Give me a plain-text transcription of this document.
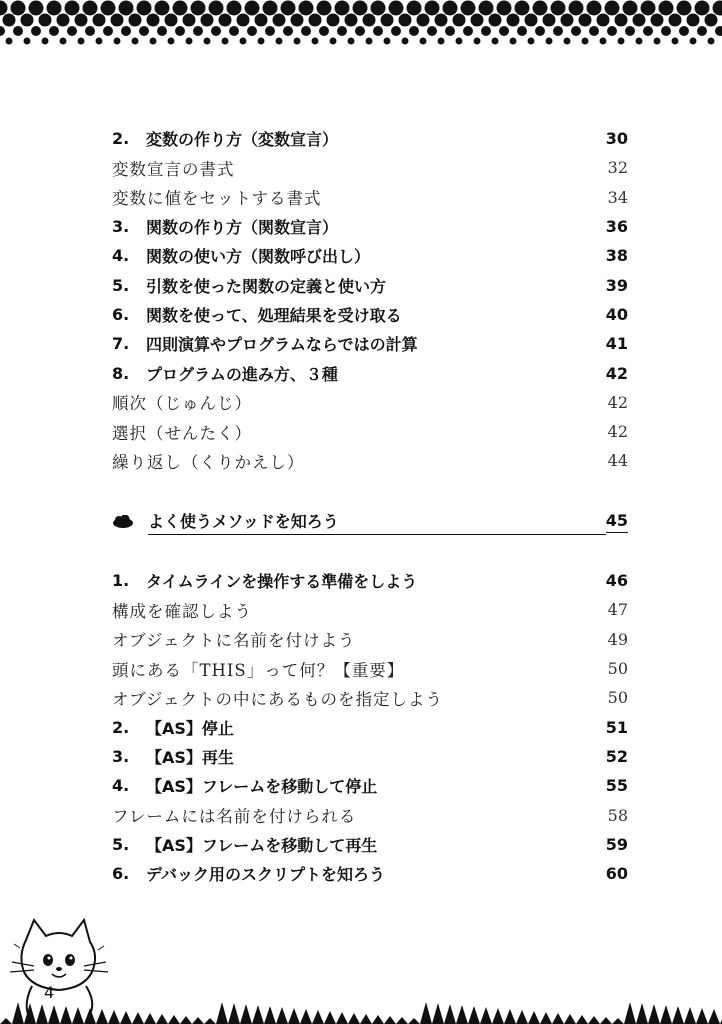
2.	変数の作り方（変数宣言）	30
変数宣言の書式	32
変数に値をセットする書式	34
3.	関数の作り方（関数宣言）	36
4.	関数の使い方（関数呼び出し）	38
5.	引数を使った関数の定義と使い方	39
6.	関数を使って、処理結果を受け取る	40
7.	四則演算やプログラムならではの計算	41
8.	プログラムの進み方、３種	42
順次（じゅんじ）	42
選択（せんたく）	42
繰り返し（くりかえし）	44
よく使うメソッドを知ろう	45
1.	タイムラインを操作する準備をしよう	46
構成を確認しよう	47
オブジェクトに名前を付けよう	49
頭にある「THIS」って何？【重要】	50
オブジェクトの中にあるものを指定しよう	50
2.	【AS】停止	51
3.	【AS】再生	52
4.	【AS】フレームを移動して停止	55
フレームには名前を付けられる	58
5.	【AS】フレームを移動して再生	59
6.	デバック用のスクリプトを知ろう	60
4
